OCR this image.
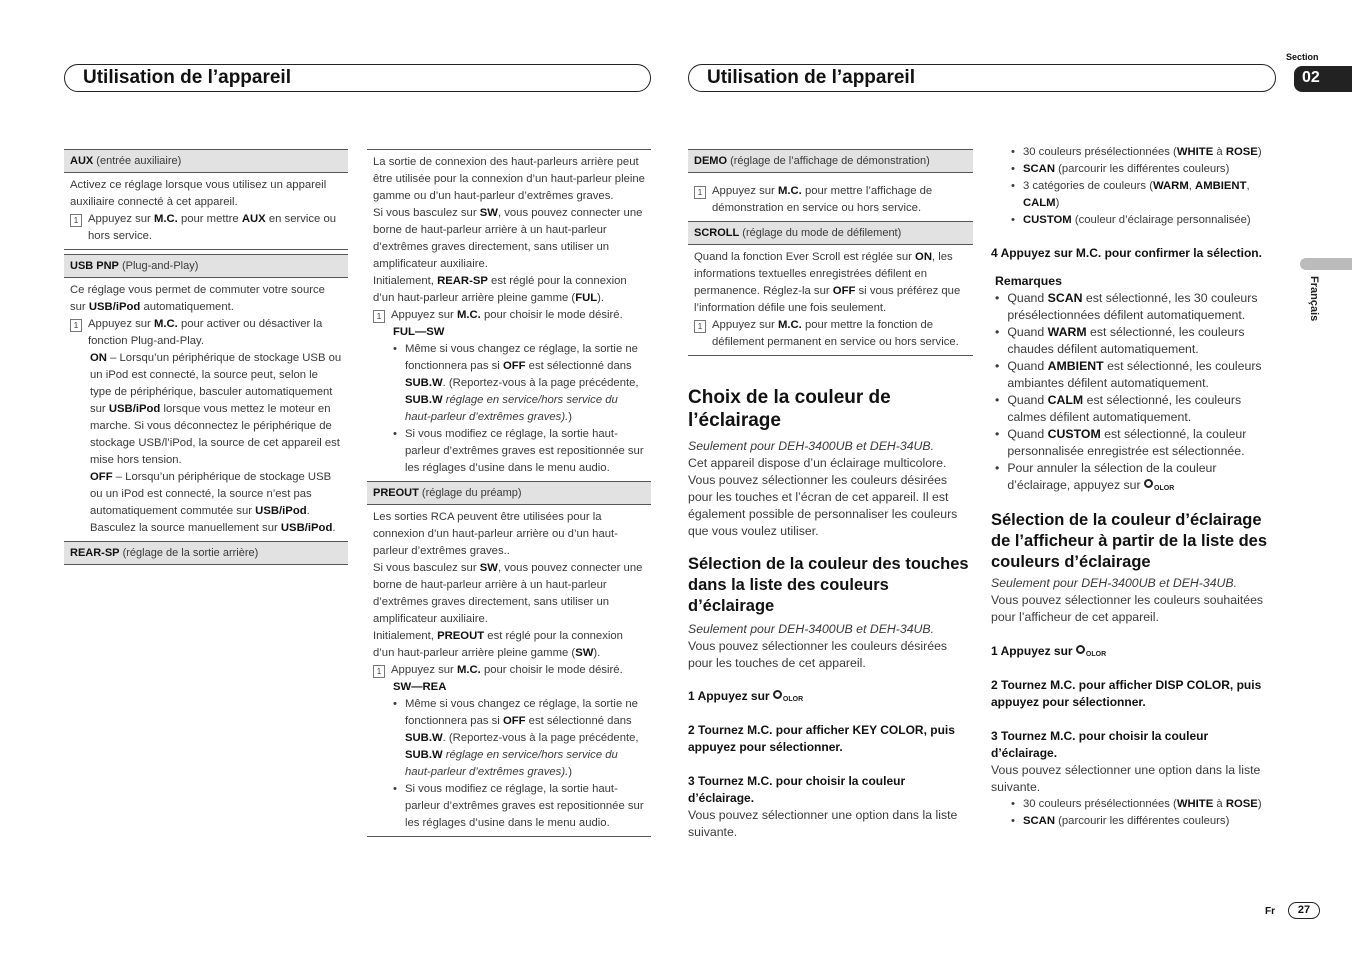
Utilisation de l’appareil	Utilisation de l’appareil
Section
02
Français
AUX (entrée auxiliaire)

Activez ce réglage lorsque vous utilisez un appareil auxiliaire connecté à cet appareil.

1 Appuyez sur M.C. pour mettre AUX en service ou hors service.
USB PNP (Plug-and-Play)

Ce réglage vous permet de commuter votre source sur USB/iPod automatiquement.

1 Appuyez sur M.C. pour activer ou désactiver la fonction Plug-and-Play.

ON – Lorsqu’un périphérique de stockage USB ou un iPod est connecté, la source peut, selon le type de périphérique, basculer automatiquement sur USB/iPod lorsque vous mettez le moteur en marche. Si vous déconnectez le périphérique de stockage USB/l’iPod, la source de cet appareil est mise hors tension.

OFF – Lorsqu’un périphérique de stockage USB ou un iPod est connecté, la source n’est pas automatiquement commutée sur USB/iPod. Basculez la source manuellement sur USB/iPod.

REAR-SP (réglage de la sortie arrière)

La sortie de connexion des haut-parleurs arrière peut être utilisée pour la connexion d’un haut-parleur pleine gamme ou d’un haut-parleur d’extrêmes graves.

Si vous basculez sur SW, vous pouvez connecter une borne de haut-parleur arrière à un haut-parleur d’extrêmes graves directement, sans utiliser un amplificateur auxiliaire.

Initialement, REAR-SP est réglé pour la connexion d’un haut-parleur arrière pleine gamme (FUL).

1 Appuyez sur M.C. pour choisir le mode désiré.

FUL—SW

• Même si vous changez ce réglage, la sortie ne fonctionnera pas si OFF est sélectionné dans SUB.W. (Reportez-vous à la page précédente, SUB.W réglage en service/hors service du haut-parleur d’extrêmes graves).)
• Si vous modifiez ce réglage, la sortie haut-parleur d’extrêmes graves est repositionnée sur les réglages d’usine dans le menu audio.
PREOUT (réglage du préamp)

Les sorties RCA peuvent être utilisées pour la connexion d’un haut-parleur arrière ou d’un haut-parleur d’extrêmes graves..

Si vous basculez sur SW, vous pouvez connecter une borne de haut-parleur arrière à un haut-parleur d’extrêmes graves directement, sans utiliser un amplificateur auxiliaire.

Initialement, PREOUT est réglé pour la connexion d’un haut-parleur arrière pleine gamme (SW).

1 Appuyez sur M.C. pour choisir le mode désiré.

SW—REA

• Même si vous changez ce réglage, la sortie ne fonctionnera pas si OFF est sélectionné dans SUB.W. (Reportez-vous à la page précédente, SUB.W réglage en service/hors service du haut-parleur d’extrêmes graves).)
• Si vous modifiez ce réglage, la sortie haut-parleur d’extrêmes graves est repositionnée sur les réglages d’usine dans le menu audio.
DEMO (réglage de l’affichage de démonstration)
1 Appuyez sur M.C. pour mettre l’affichage de démonstration en service ou hors service.
SCROLL (réglage du mode de défilement)

Quand la fonction Ever Scroll est réglée sur ON, les informations textuelles enregistrées défilent en permanence. Réglez-la sur OFF si vous préférez que l’information défile une fois seulement.

1 Appuyez sur M.C. pour mettre la fonction de défilement permanent en service ou hors service.

Choix de la couleur de l’éclairage

Seulement pour DEH-3400UB et DEH-34UB.

Cet appareil dispose d’un éclairage multicolore. Vous pouvez sélectionner les couleurs désirées pour les touches et l’écran de cet appareil. Il est également possible de personnaliser les couleurs que vous voulez utiliser.

Sélection de la couleur des touches dans la liste des couleurs d’éclairage

Seulement pour DEH-3400UB et DEH-34UB.

Vous pouvez sélectionner les couleurs désirées pour les touches de cet appareil.

1 Appuyez sur OLOR

2 Tournez M.C. pour afficher KEY COLOR, puis appuyez pour sélectionner.

3 Tournez M.C. pour choisir la couleur d’éclairage.

Vous pouvez sélectionner une option dans la liste suivante.

• 30 couleurs présélectionnées (WHITE à ROSE)
• SCAN (parcourir les différentes couleurs)
• 3 catégories de couleurs (WARM, AMBIENT, CALM)
• CUSTOM (couleur d’éclairage personnalisée)

4 Appuyez sur M.C. pour confirmer la sélection.

Remarques

• Quand SCAN est sélectionné, les 30 couleurs présélectionnées défilent automatiquement.
• Quand WARM est sélectionné, les couleurs chaudes défilent automatiquement.
• Quand AMBIENT est sélectionné, les couleurs ambiantes défilent automatiquement.
• Quand CALM est sélectionné, les couleurs calmes défilent automatiquement.
• Quand CUSTOM est sélectionné, la couleur personnalisée enregistrée est sélectionnée.
• Pour annuler la sélection de la couleur d’éclairage, appuyez sur OLOR

Sélection de la couleur d’éclairage de l’afficheur à partir de la liste des couleurs d’éclairage

Seulement pour DEH-3400UB et DEH-34UB.

Vous pouvez sélectionner les couleurs souhaitées pour l’afficheur de cet appareil.

1 Appuyez sur OLOR

2 Tournez M.C. pour afficher DISP COLOR, puis appuyez pour sélectionner.

3 Tournez M.C. pour choisir la couleur d’éclairage.

Vous pouvez sélectionner une option dans la liste suivante.

• 30 couleurs présélectionnées (WHITE à ROSE)
• SCAN (parcourir les différentes couleurs)
Fr	27
